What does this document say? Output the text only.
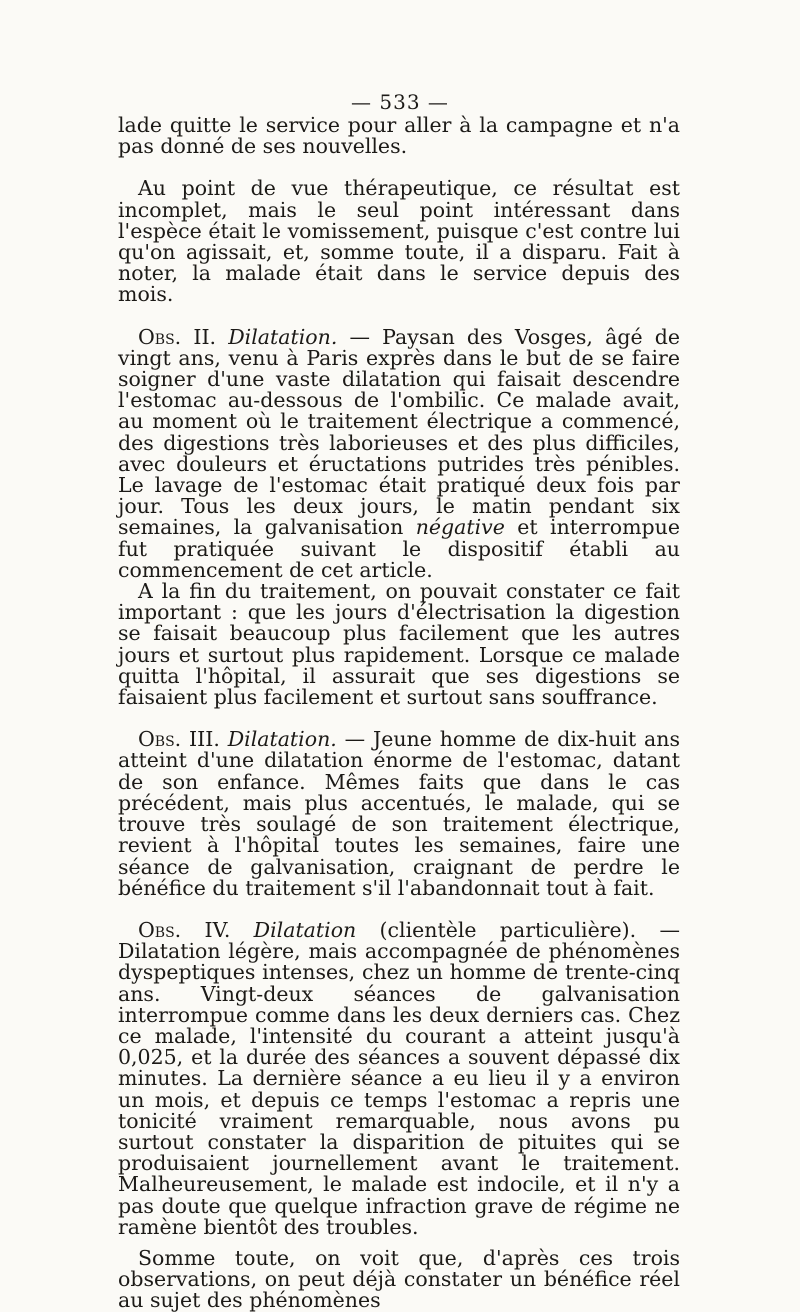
— 533 —

lade quitte le service pour aller à la campagne et n'a pas donné de ses nouvelles.

Au point de vue thérapeutique, ce résultat est incomplet, mais le seul point intéressant dans l'espèce était le vomissement, puisque c'est contre lui qu'on agissait, et, somme toute, il a disparu. Fait à noter, la malade était dans le service depuis des mois.

Obs. II. Dilatation. — Paysan des Vosges, âgé de vingt ans, venu à Paris exprès dans le but de se faire soigner d'une vaste dilatation qui faisait descendre l'estomac au-dessous de l'ombilic. Ce malade avait, au moment où le traitement électrique a commencé, des digestions très laborieuses et des plus difficiles, avec douleurs et éructations putrides très pénibles. Le lavage de l'estomac était pratiqué deux fois par jour. Tous les deux jours, le matin pendant six semaines, la galvanisation négative et interrompue fut pratiquée suivant le dispositif établi au commencement de cet article.

A la fin du traitement, on pouvait constater ce fait important : que les jours d'électrisation la digestion se faisait beaucoup plus facilement que les autres jours et surtout plus rapidement. Lorsque ce malade quitta l'hôpital, il assurait que ses digestions se faisaient plus facilement et surtout sans souffrance.

Obs. III. Dilatation. — Jeune homme de dix-huit ans atteint d'une dilatation énorme de l'estomac, datant de son enfance. Mêmes faits que dans le cas précédent, mais plus accentués, le malade, qui se trouve très soulagé de son traitement électrique, revient à l'hôpital toutes les semaines, faire une séance de galvanisation, craignant de perdre le bénéfice du traitement s'il l'abandonnait tout à fait.

Obs. IV. Dilatation (clientèle particulière). — Dilatation légère, mais accompagnée de phénomènes dyspeptiques intenses, chez un homme de trente-cinq ans. Vingt-deux séances de galvanisation interrompue comme dans les deux derniers cas. Chez ce malade, l'intensité du courant a atteint jusqu'à 0,025, et la durée des séances a souvent dépassé dix minutes. La dernière séance a eu lieu il y a environ un mois, et depuis ce temps l'estomac a repris une tonicité vraiment remarquable, nous avons pu surtout constater la disparition de pituites qui se produisaient journellement avant le traitement. Malheureusement, le malade est indocile, et il n'y a pas doute que quelque infraction grave de régime ne ramène bientôt des troubles.

Somme toute, on voit que, d'après ces trois observations, on peut déjà constater un bénéfice réel au sujet des phénomènes
